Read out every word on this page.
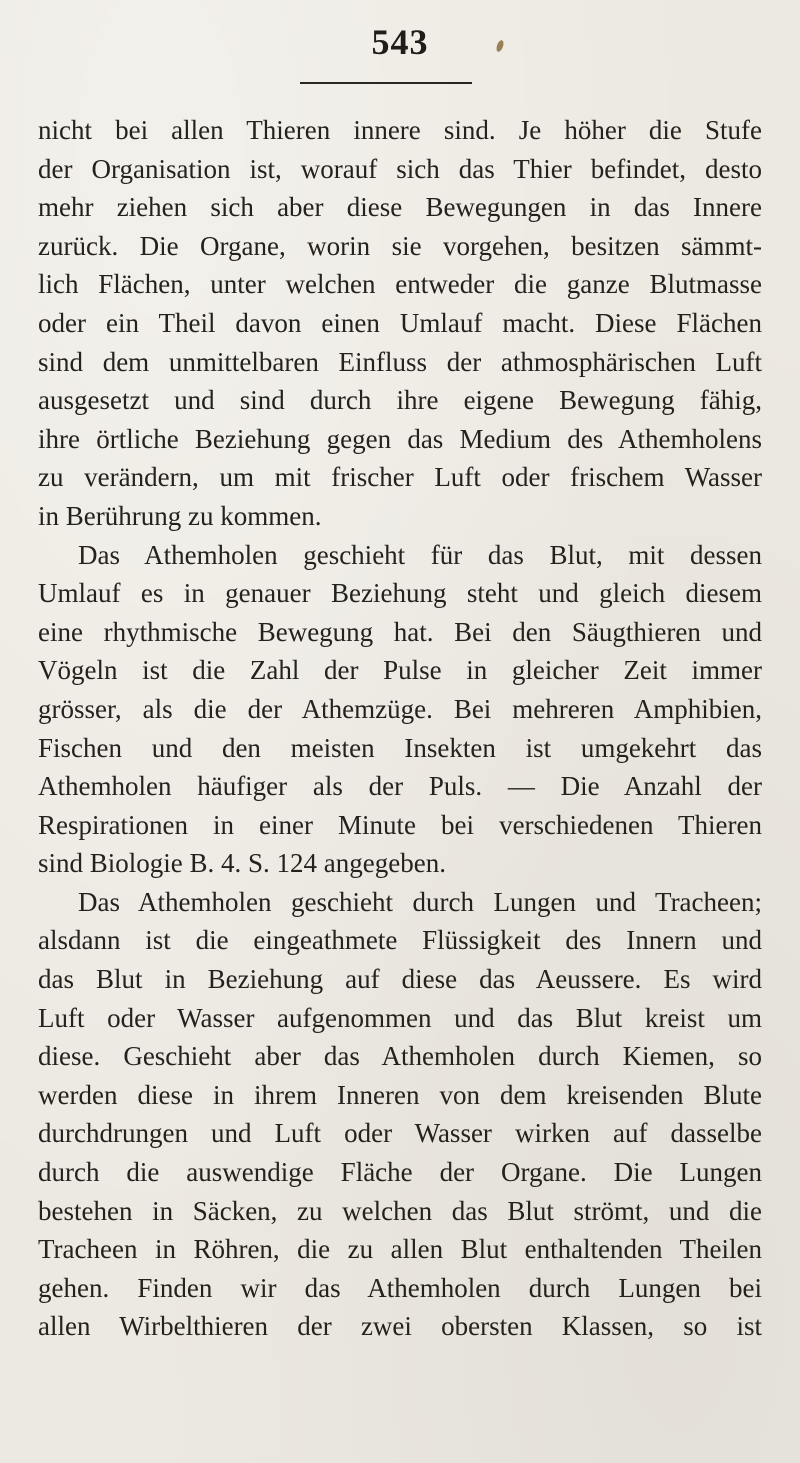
543
nicht bei allen Thieren innere sind. Je höher die Stufe
der Organisation ist, worauf sich das Thier befindet, desto
mehr ziehen sich aber diese Bewegungen in das Innere
zurück. Die Organe, worin sie vorgehen, besitzen sämmt-
lich Flächen, unter welchen entweder die ganze Blutmasse
oder ein Theil davon einen Umlauf macht. Diese Flächen
sind dem unmittelbaren Einfluss der athmosphärischen Luft
ausgesetzt und sind durch ihre eigene Bewegung fähig,
ihre örtliche Beziehung gegen das Medium des Athemholens
zu verändern, um mit frischer Luft oder frischem Wasser
in Berührung zu kommen.
Das Athemholen geschieht für das Blut, mit dessen
Umlauf es in genauer Beziehung steht und gleich diesem
eine rhythmische Bewegung hat. Bei den Säugthieren und
Vögeln ist die Zahl der Pulse in gleicher Zeit immer
grösser, als die der Athemzüge. Bei mehreren Amphibien,
Fischen und den meisten Insekten ist umgekehrt das
Athemholen häufiger als der Puls. — Die Anzahl der
Respirationen in einer Minute bei verschiedenen Thieren
sind Biologie B. 4. S. 124 angegeben.
Das Athemholen geschieht durch Lungen und Tracheen;
alsdann ist die eingeathmete Flüssigkeit des Innern und
das Blut in Beziehung auf diese das Aeussere. Es wird
Luft oder Wasser aufgenommen und das Blut kreist um
diese. Geschieht aber das Athemholen durch Kiemen, so
werden diese in ihrem Inneren von dem kreisenden Blute
durchdrungen und Luft oder Wasser wirken auf dasselbe
durch die auswendige Fläche der Organe. Die Lungen
bestehen in Säcken, zu welchen das Blut strömt, und die
Tracheen in Röhren, die zu allen Blut enthaltenden Theilen
gehen. Finden wir das Athemholen durch Lungen bei
allen Wirbelthieren der zwei obersten Klassen, so ist
